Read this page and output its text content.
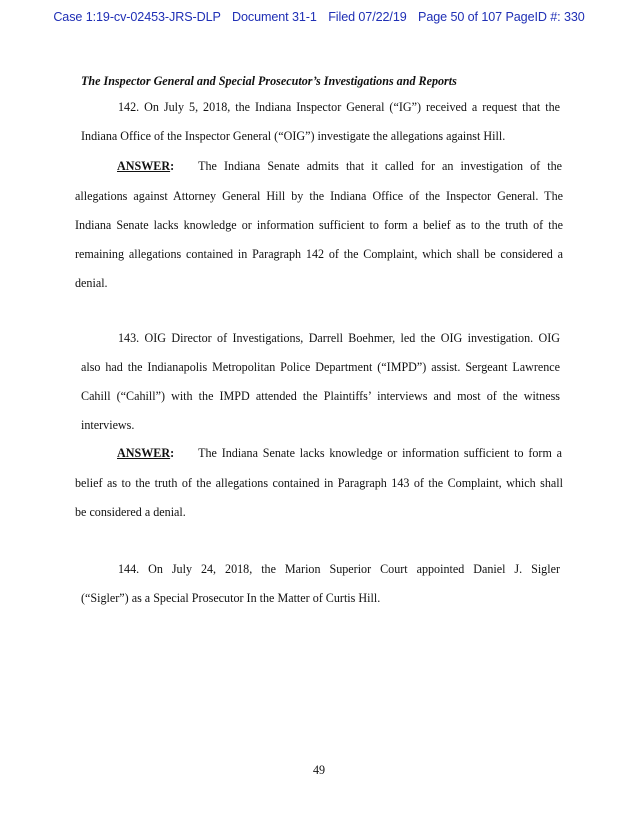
Case 1:19-cv-02453-JRS-DLP Document 31-1 Filed 07/22/19 Page 50 of 107 PageID #: 330
The Inspector General and Special Prosecutor’s Investigations and Reports
142. On July 5, 2018, the Indiana Inspector General (“IG”) received a request that the
Indiana Office of the Inspector General (“OIG”) investigate the allegations against Hill.
ANSWER : The Indiana Senate admits that it called for an investigation of the
allegations against Attorney General Hill by the Indiana Office of the Inspector General. The
Indiana Senate lacks knowledge or information sufficient to form a belief as to the truth of the
remaining allegations contained in Paragraph 142 of the Complaint, which shall be considered a
denial.
143. OIG Director of Investigations, Darrell Boehmer, led the OIG investigation. OIG
also had the Indianapolis Metropolitan Police Department (“IMPD”) assist. Sergeant Lawrence
Cahill (“Cahill”) with the IMPD attended the Plaintiffs’ interviews and most of the witness
interviews.
ANSWER : The Indiana Senate lacks knowledge or information sufficient to form a
belief as to the truth of the allegations contained in Paragraph 143 of the Complaint, which shall
be considered a denial.
144. On July 24, 2018, the Marion Superior Court appointed Daniel J. Sigler
(“Sigler”) as a Special Prosecutor In the Matter of Curtis Hill.
49
